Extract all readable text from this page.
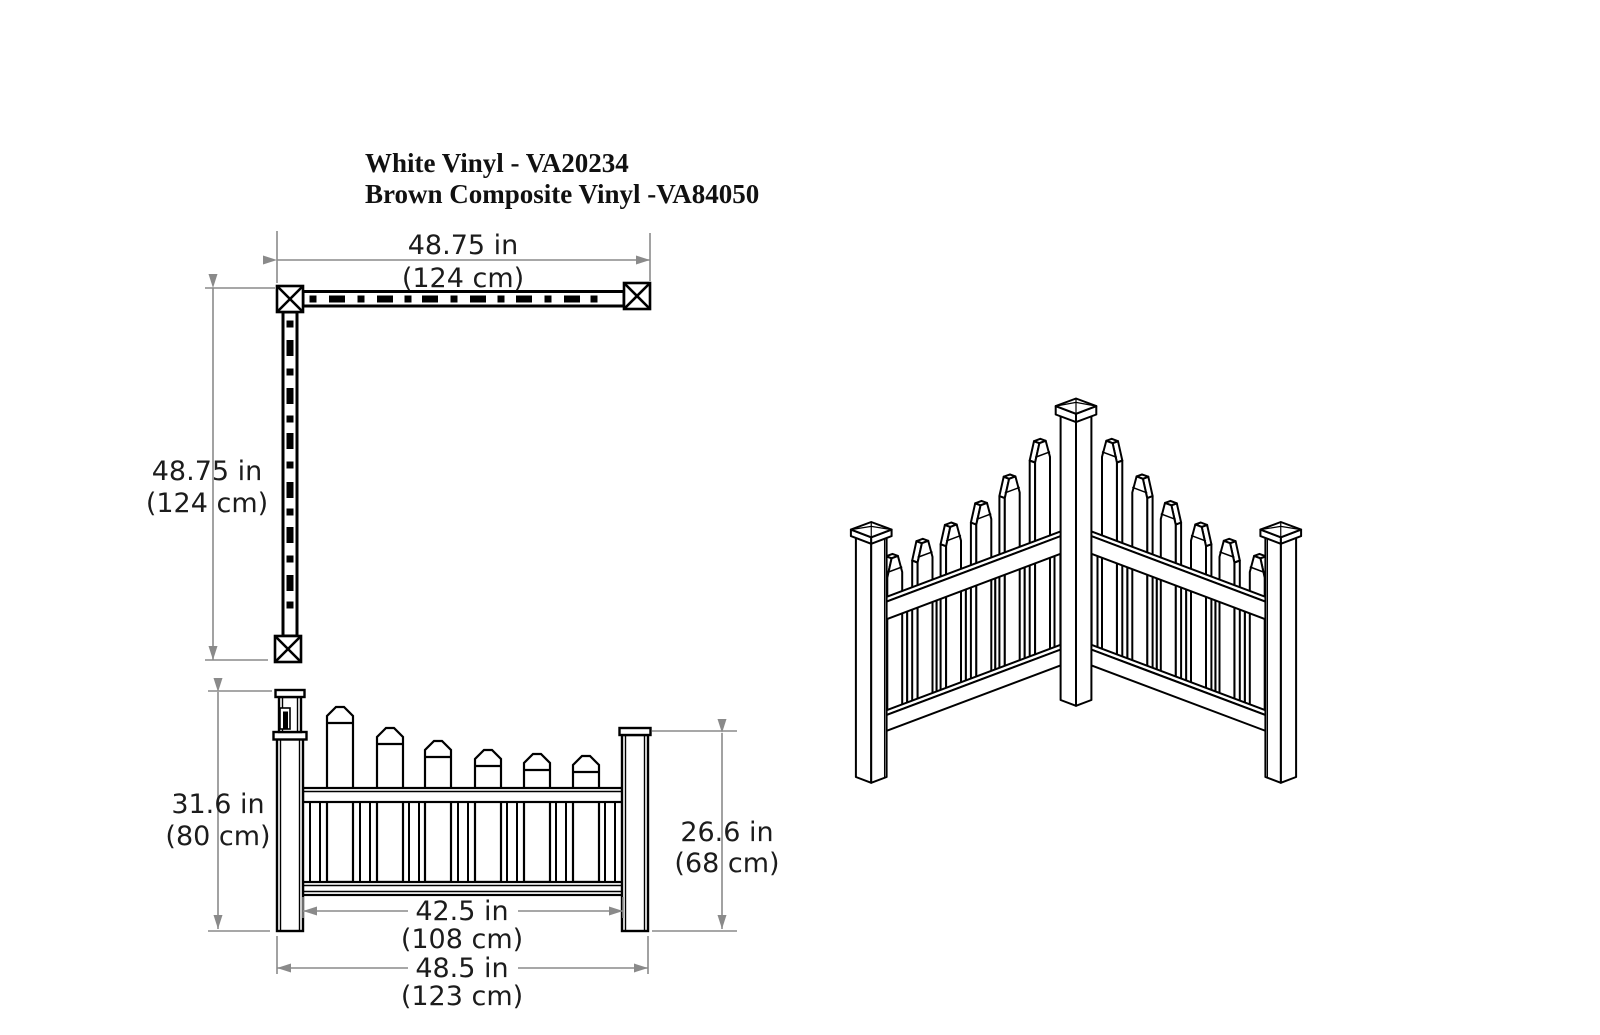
White Vinyl - VA20234
Brown Composite Vinyl -VA84050
48.75 in
(124 cm)
48.75 in
(124 cm)
31.6 in
(80 cm)	26.6 in
(68 cm)
42.5 in
(108 cm)
48.5 in
(123 cm)
